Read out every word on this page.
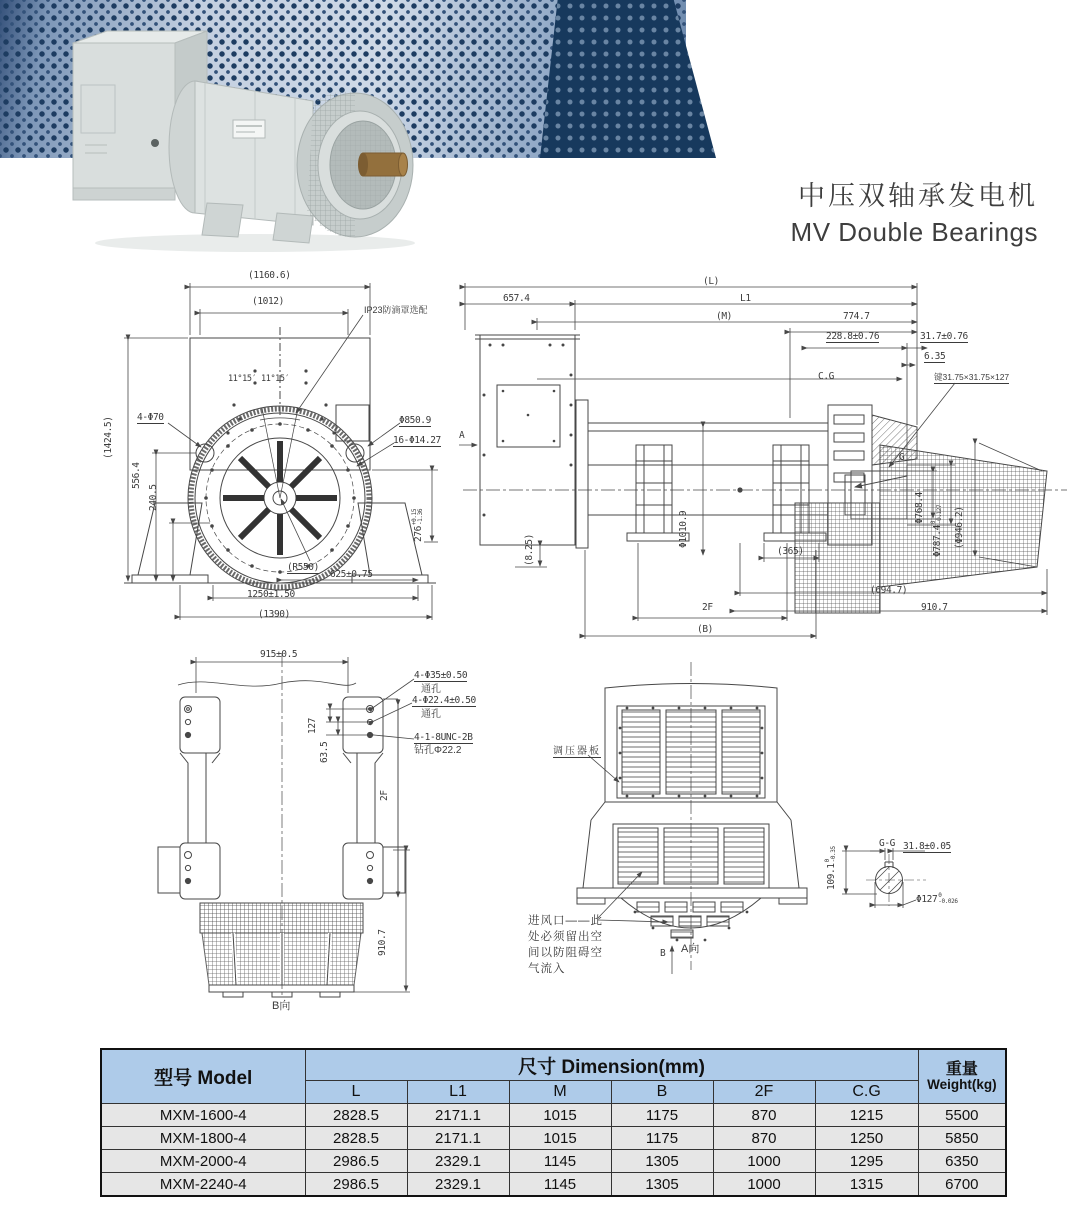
中压双轴承发电机
MV Double Bearings
(1160.6)
(1012)
IP23防滴罩选配
11°15′ 11°15′
(1424.5)
556.4
240.5
4-Φ70	Φ850.9
16-Φ14.27
276
+0.15 -1.36
(R550)
625±0.75
1250±1.50
(1390)
(L)
657.4	L1
(M)	774.7
228.8±0.76	31.7±0.76
6.35
C.G	键31.75×31.75×127
A
G
Φ768.4
Φ787.4
0 -0.127 (Φ946.2)
Φ1010.9
(8.25)	(365)
(694.7)
910.7
2F
(B)
915±0.5
127
63.5
4-Φ35±0.50
通孔
4-Φ22.4±0.50
通孔
4-1-8UNC-2B
钻孔Φ22.2
2F
910.7
B向
调压器板
进风口——此
处必须留出空
间以防阻碍空
气流入
B A向
109.1
0 -0.35
G-G 31.8±0.05
Φ127 0
-0.026
型号 Model	尺寸 Dimension(mm)						重量
Weight(kg)

	L	L1	M	B	2F	C.G	
MXM-1600-4	2828.5	2171.1	1015	1175	870	1215	5500
MXM-1800-4	2828.5	2171.1	1015	1175	870	1250	5850
MXM-2000-4	2986.5	2329.1	1145	1305	1000	1295	6350
MXM-2240-4	2986.5	2329.1	1145	1305	1000	1315	6700
